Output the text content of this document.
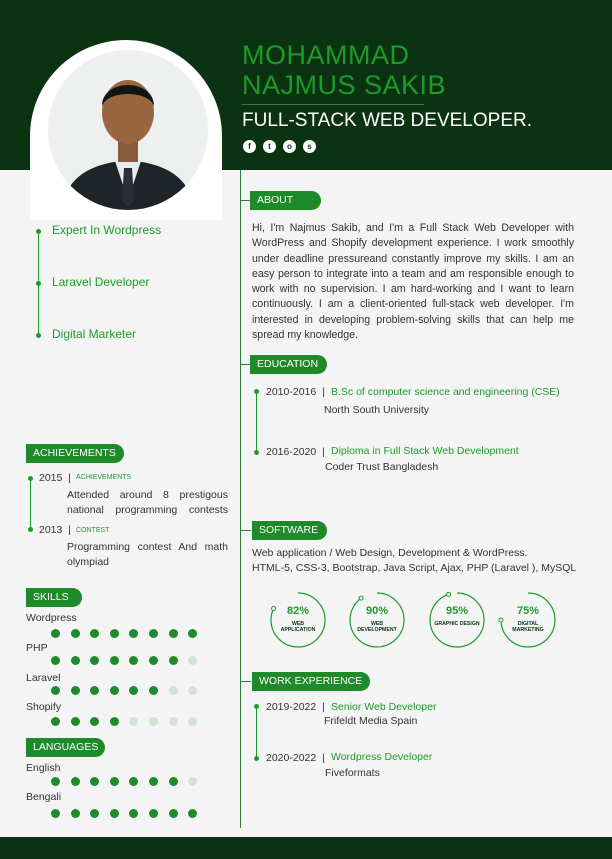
MOHAMMAD
NAJMUS SAKIB
FULL-STACK WEB DEVELOPER.
f	t	o	s
Expert In Wordpress
Laravel Developer
Digital Marketer
ABOUT
Hi, I'm Najmus Sakib, and I'm a Full Stack Web Developer with WordPress and Shopify development experience. I work smoothly under deadline pressureand constantly improve my skills. I am an easy person to integrate into a team and am responsible enough to work with no supervision. I am hard-working and I want to learn continuously. I am a client-oriented full-stack web developer. I'm interested in developing problem-solving skills that can help me spread my knowledge.
EDUCATION
2010-2016 | B.Sc of computer science and engineering (CSE)
North South University
2016-2020 | Diploma in Full Stack Web Development
Coder Trust Bangladesh
ACHIEVEMENTS
2015 | ACHIEVEMENTS
Attended around 8 prestigous national programming contests
2013 | CONTEST
Programming contest And math olympiad
SOFTWARE
Web application / Web Design, Development & WordPress.
HTML-5, CSS-3, Bootstrap, Java Script, Ajax, PHP (Laravel ), MySQL
82%
WEB APPLICATION
90%
WEB DEVELOPMENT
95%
GRAPHIC DESIGN
75%
DIGITAL MARKETING
SKILLS
Wordpress
PHP
Laravel
Shopify
LANGUAGES
English
Bengali
WORK EXPERIENCE
2019-2022 | Senior Web Developer
Frifeldt Media Spain
2020-2022 | Wordpress Developer
Fiveformats
